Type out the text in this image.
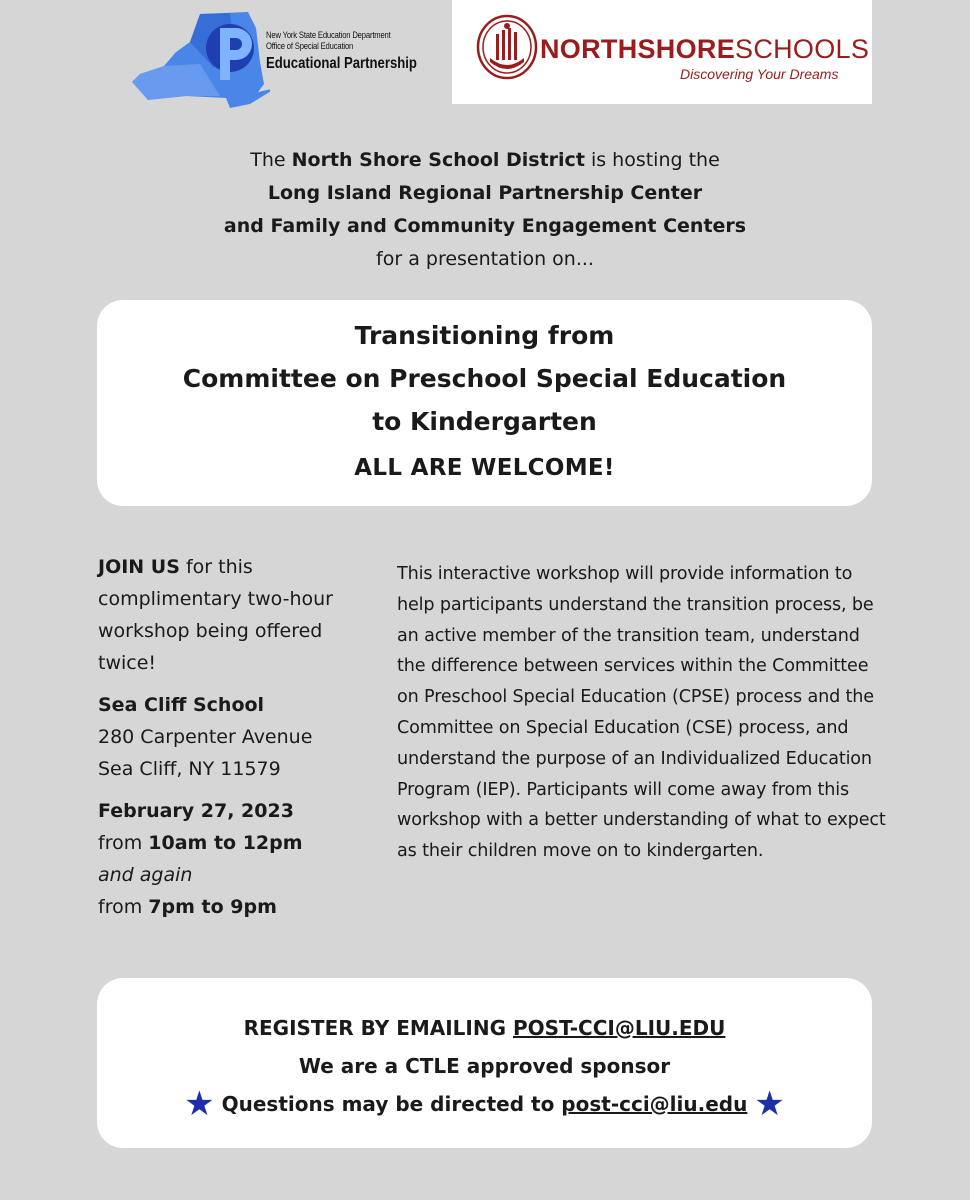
New York State Education Department
Office of Special Education
Educational Partnership	NORTHSHORESCHOOLS
Discovering Your Dreams
The North Shore School District is hosting the
Long Island Regional Partnership Center
and Family and Community Engagement Centers
for a presentation on...
Transitioning from
Committee on Preschool Special Education
to Kindergarten
ALL ARE WELCOME!
JOIN US for this complimentary two-hour workshop being offered twice!
Sea Cliff School
280 Carpenter Avenue
Sea Cliff, NY 11579
February 27, 2023
from 10am to 12pm
and again
from 7pm to 9pm
This interactive workshop will provide information to help participants understand the transition process, be an active member of the transition team, understand the difference between services within the Committee on Preschool Special Education (CPSE) process and the Committee on Special Education (CSE) process, and understand the purpose of an Individualized Education Program (IEP). Participants will come away from this workshop with a better understanding of what to expect as their children move on to kindergarten.
REGISTER BY EMAILING POST-CCI@LIU.EDU
We are a CTLE approved sponsor
★ Questions may be directed to post-cci@liu.edu ★
